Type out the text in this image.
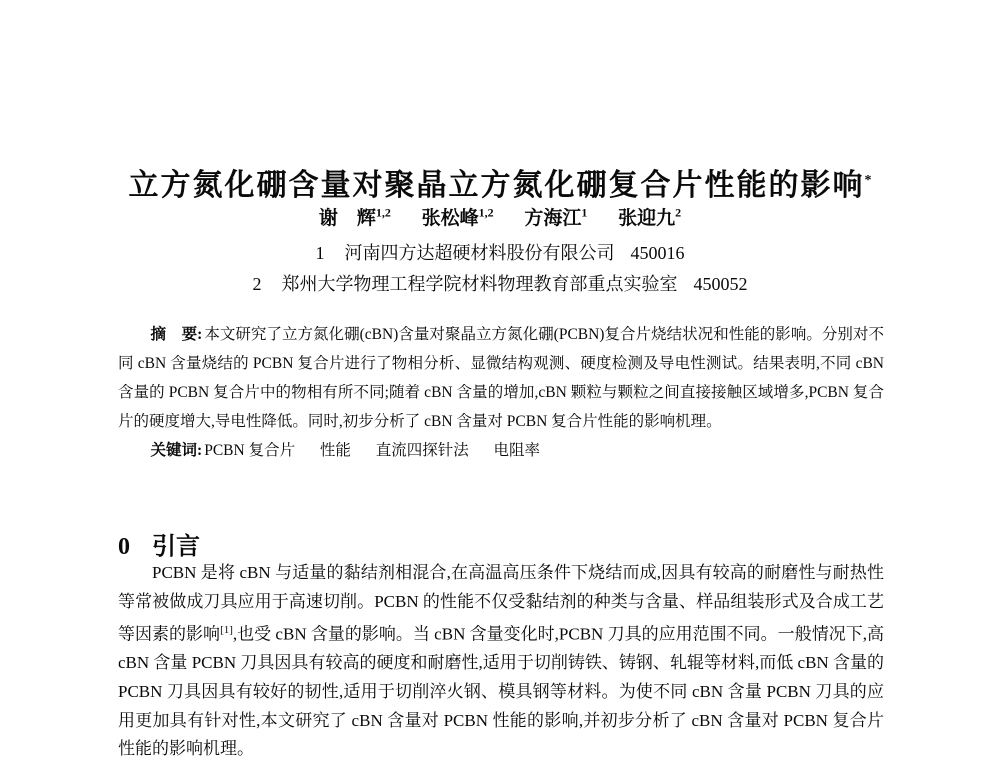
立方氮化硼含量对聚晶立方氮化硼复合片性能的影响*
谢　辉$^{1,2}$ 张松峰$^{1,2}$ 方海江$^1$ 张迎九$^2$
1 河南四方达超硬材料股份有限公司 450016
2 郑州大学物理工程学院材料物理教育部重点实验室 450052

摘　要: 本文研究了立方氮化硼(cBN)含量对聚晶立方氮化硼(PCBN)复合片烧结状况和性能的影响。分别对不同 cBN 含量烧结的 PCBN 复合片进行了物相分析、显微结构观测、硬度检测及导电性测试。结果表明,不同 cBN 含量的 PCBN 复合片中的物相有所不同;随着 cBN 含量的增加,cBN 颗粒与颗粒之间直接接触区域增多,PCBN 复合片的硬度增大,导电性降低。同时,初步分析了 cBN 含量对 PCBN 复合片性能的影响机理。

关键词: PCBN 复合片 性能 直流四探针法 电阻率

0 引言

PCBN 是将 cBN 与适量的黏结剂相混合,在高温高压条件下烧结而成,因具有较高的耐磨性与耐热性等常被做成刀具应用于高速切削。PCBN 的性能不仅受黏结剂的种类与含量、样品组装形式及合成工艺等因素的影响[1],也受 cBN 含量的影响。当 cBN 含量变化时,PCBN 刀具的应用范围不同。一般情况下,高 cBN 含量 PCBN 刀具因具有较高的硬度和耐磨性,适用于切削铸铁、铸钢、轧辊等材料,而低 cBN 含量的 PCBN 刀具因具有较好的韧性,适用于切削淬火钢、模具钢等材料。为使不同 cBN 含量 PCBN 刀具的应用更加具有针对性,本文研究了 cBN 含量对 PCBN 性能的影响,并初步分析了 cBN 含量对 PCBN 复合片性能的影响机理。
